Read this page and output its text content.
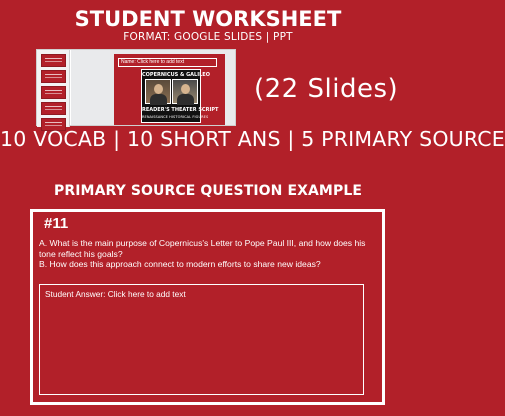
STUDENT WORKSHEET
FORMAT: GOOGLE SLIDES | PPT
Name: Click here to add text
COPERNICUS & GALILEO
READER'S THEATER SCRIPT
RENAISSANCE HISTORICAL FIGURES
(22 Slides)
10 VOCAB | 10 SHORT ANS | 5 PRIMARY SOURCE
PRIMARY SOURCE QUESTION EXAMPLE
#11
A. What is the main purpose of Copernicus's Letter to Pope Paul III, and how does his tone reflect his goals?
B. How does this approach connect to modern efforts to share new ideas?
Student Answer: Click here to add text
